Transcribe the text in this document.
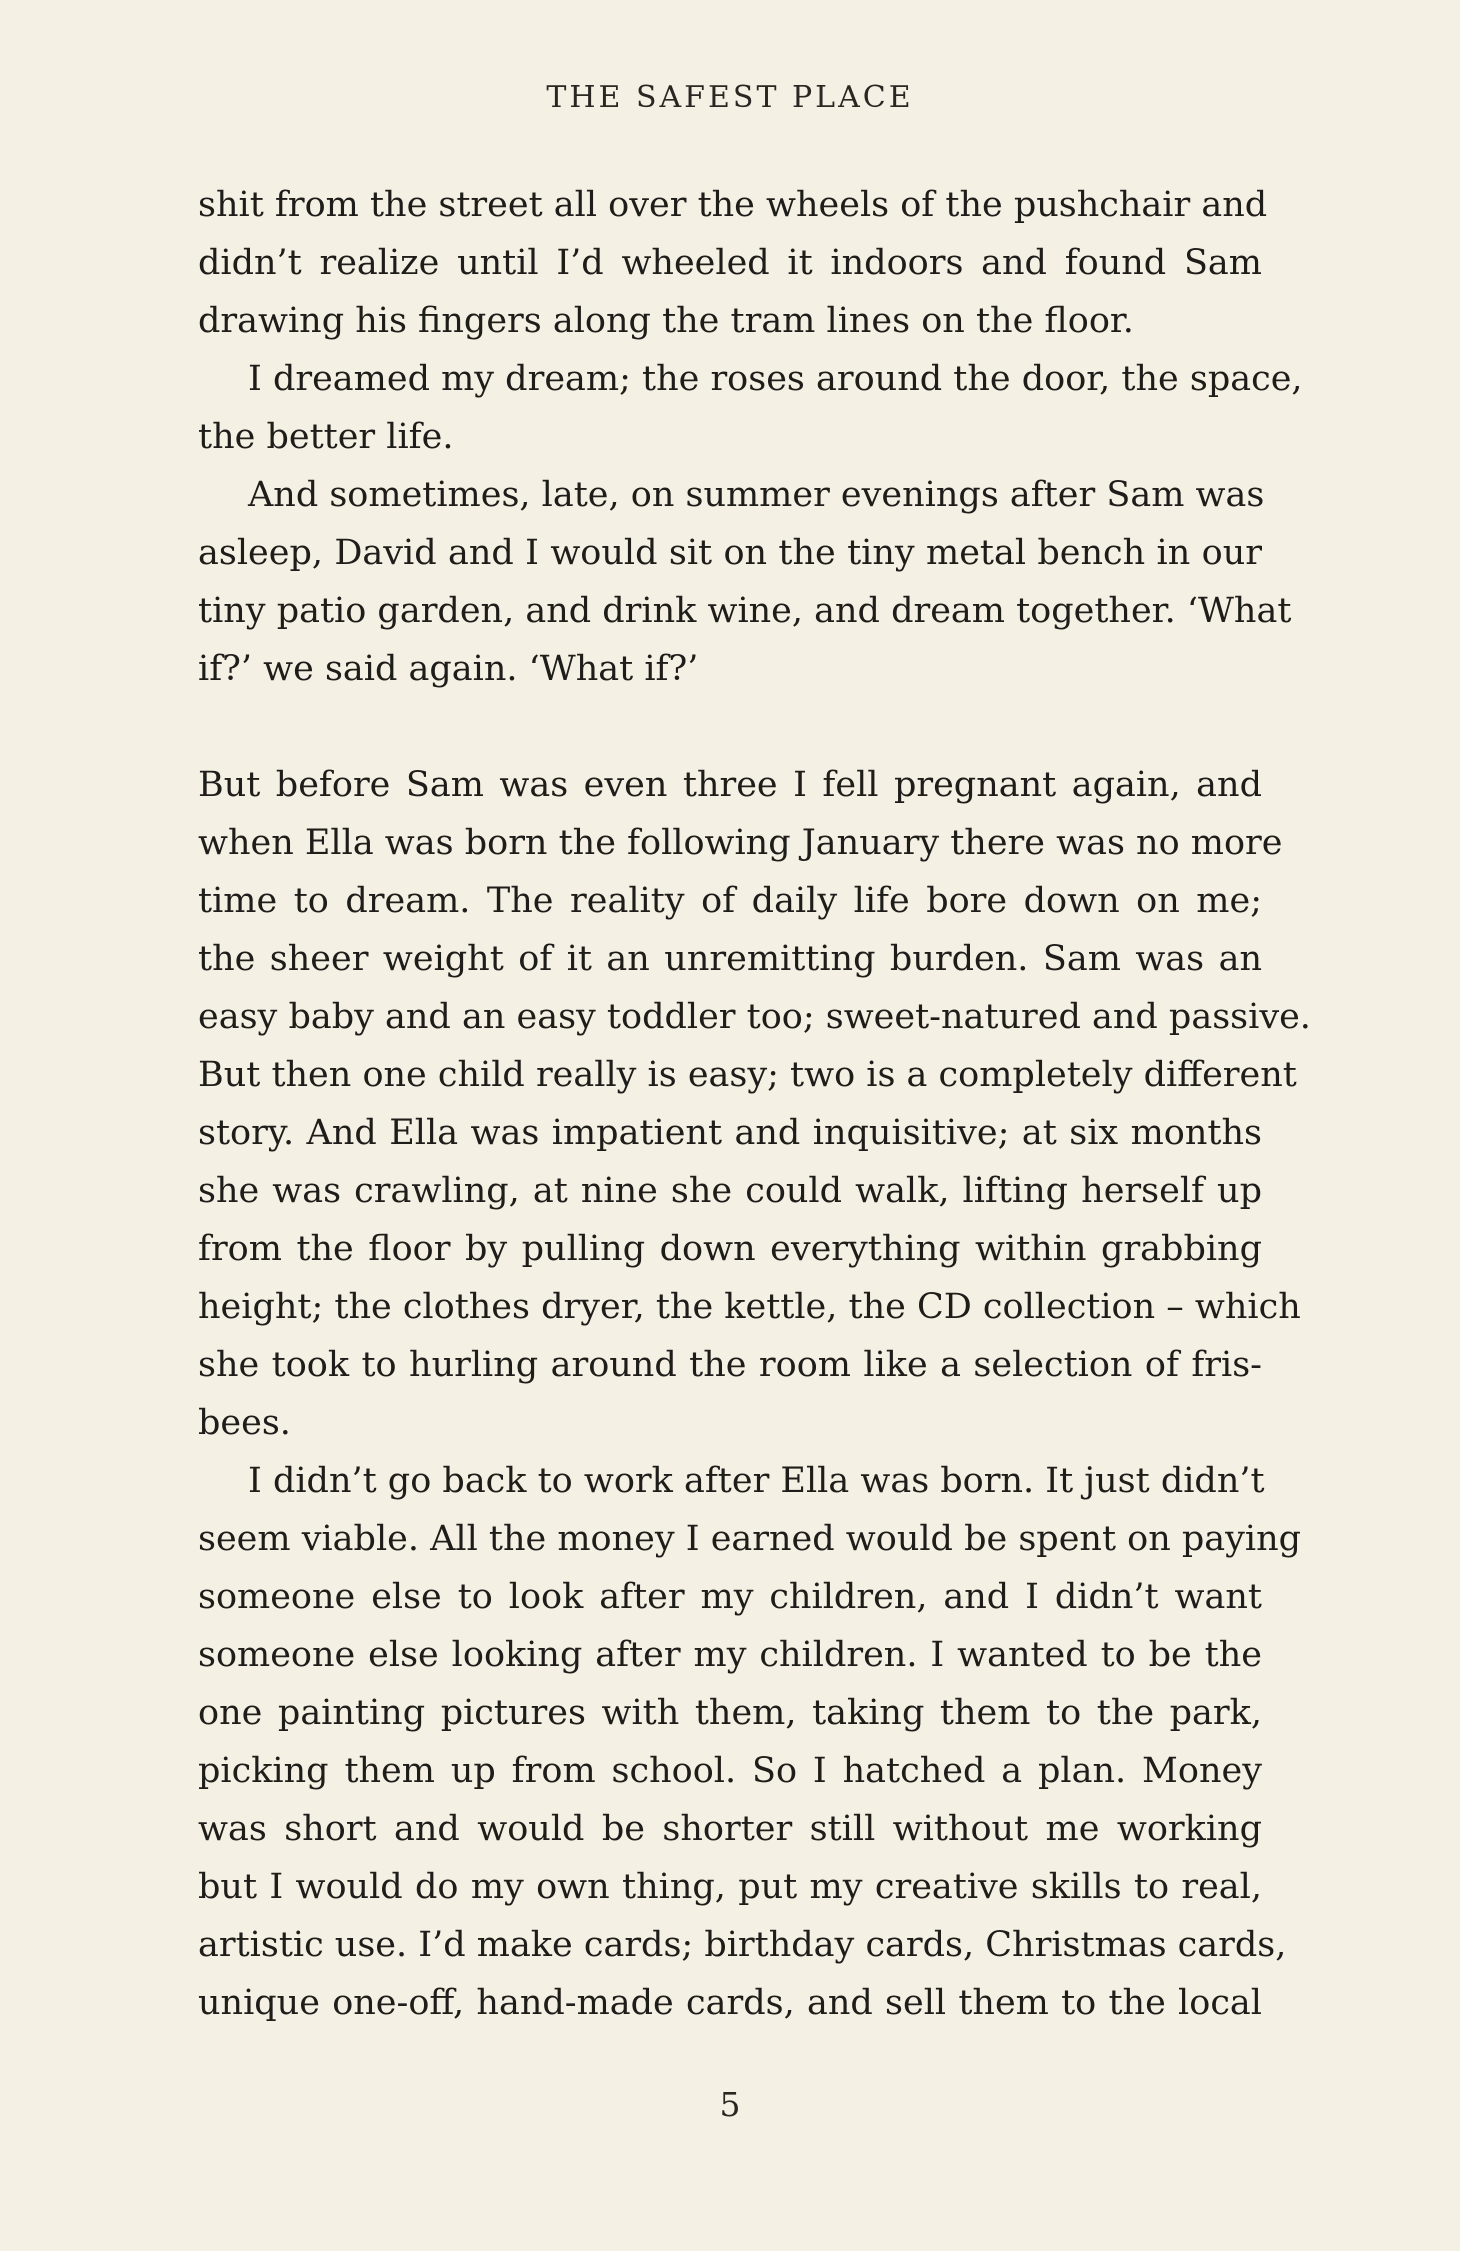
THE SAFEST PLACE
shit from the street all over the wheels of the pushchair and
didn’t realize until I’d wheeled it indoors and found Sam
drawing his fingers along the tram lines on the floor.
I dreamed my dream; the roses around the door, the space,
the better life.
And sometimes, late, on summer evenings after Sam was
asleep, David and I would sit on the tiny metal bench in our
tiny patio garden, and drink wine, and dream together. ‘What
if?’ we said again. ‘What if?’
But before Sam was even three I fell pregnant again, and
when Ella was born the following January there was no more
time to dream. The reality of daily life bore down on me;
the sheer weight of it an unremitting burden. Sam was an
easy baby and an easy toddler too; sweet-natured and passive.
But then one child really is easy; two is a completely different
story. And Ella was impatient and inquisitive; at six months
she was crawling, at nine she could walk, lifting herself up
from the floor by pulling down everything within grabbing
height; the clothes dryer, the kettle, the CD collection – which
she took to hurling around the room like a selection of fris-
bees.
I didn’t go back to work after Ella was born. It just didn’t
seem viable. All the money I earned would be spent on paying
someone else to look after my children, and I didn’t want
someone else looking after my children. I wanted to be the
one painting pictures with them, taking them to the park,
picking them up from school. So I hatched a plan. Money
was short and would be shorter still without me working
but I would do my own thing, put my creative skills to real,
artistic use. I’d make cards; birthday cards, Christmas cards,
unique one-off, hand-made cards, and sell them to the local
5
